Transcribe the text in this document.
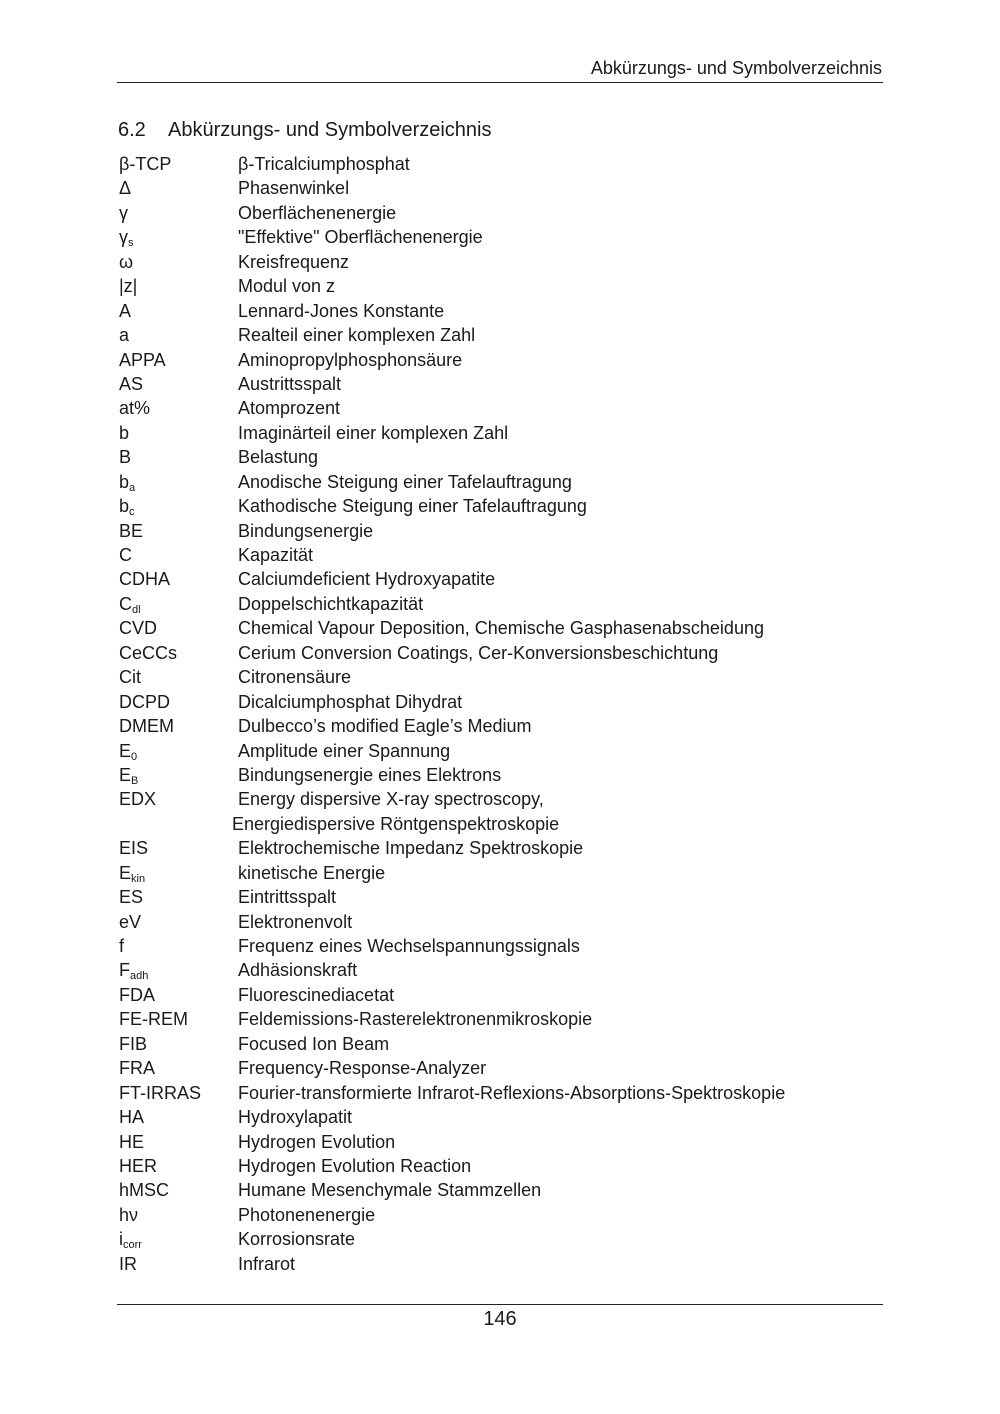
Abkürzungs- und Symbolverzeichnis
6.2 Abkürzungs- und Symbolverzeichnis
β-TCP	β-Tricalciumphosphat
Δ	Phasenwinkel
γ	Oberflächenenergie
$\gamma_s$	"Effektive" Oberflächenenergie
ω	Kreisfrequenz
|z|	Modul von z
A	Lennard-Jones Konstante
a	Realteil einer komplexen Zahl
APPA	Aminopropylphosphonsäure
AS	Austrittsspalt
at%	Atomprozent
b	Imaginärteil einer komplexen Zahl
B	Belastung
$b_a$	Anodische Steigung einer Tafelauftragung
$b_c$	Kathodische Steigung einer Tafelauftragung
BE	Bindungsenergie
C	Kapazität
CDHA	Calciumdeficient Hydroxyapatite
$C_{dl}$	Doppelschichtkapazität
CVD	Chemical Vapour Deposition, Chemische Gasphasenabscheidung
CeCCs	Cerium Conversion Coatings, Cer-Konversionsbeschichtung
Cit	Citronensäure
DCPD	Dicalciumphosphat Dihydrat
DMEM	Dulbecco’s modified Eagle’s Medium
$E_0$	Amplitude einer Spannung
$E_B$	Bindungsenergie eines Elektrons
EDX	Energy dispersive X-ray spectroscopy,
Energiedispersive Röntgenspektroskopie
EIS	Elektrochemische Impedanz Spektroskopie
$E_{kin}$	kinetische Energie
ES	Eintrittsspalt
eV	Elektronenvolt
f	Frequenz eines Wechselspannungssignals
$F_{adh}$	Adhäsionskraft
FDA	Fluorescinediacetat
FE-REM	Feldemissions-Rasterelektronenmikroskopie
FIB	Focused Ion Beam
FRA	Frequency-Response-Analyzer
FT-IRRAS Fourier-transformierte Infrarot-Reflexions-Absorptions-Spektroskopie
HA	Hydroxylapatit
HE	Hydrogen Evolution
HER	Hydrogen Evolution Reaction
hMSC	Humane Mesenchymale Stammzellen
hν	Photonenenergie
$i_{corr}$	Korrosionsrate
IR	Infrarot
146
